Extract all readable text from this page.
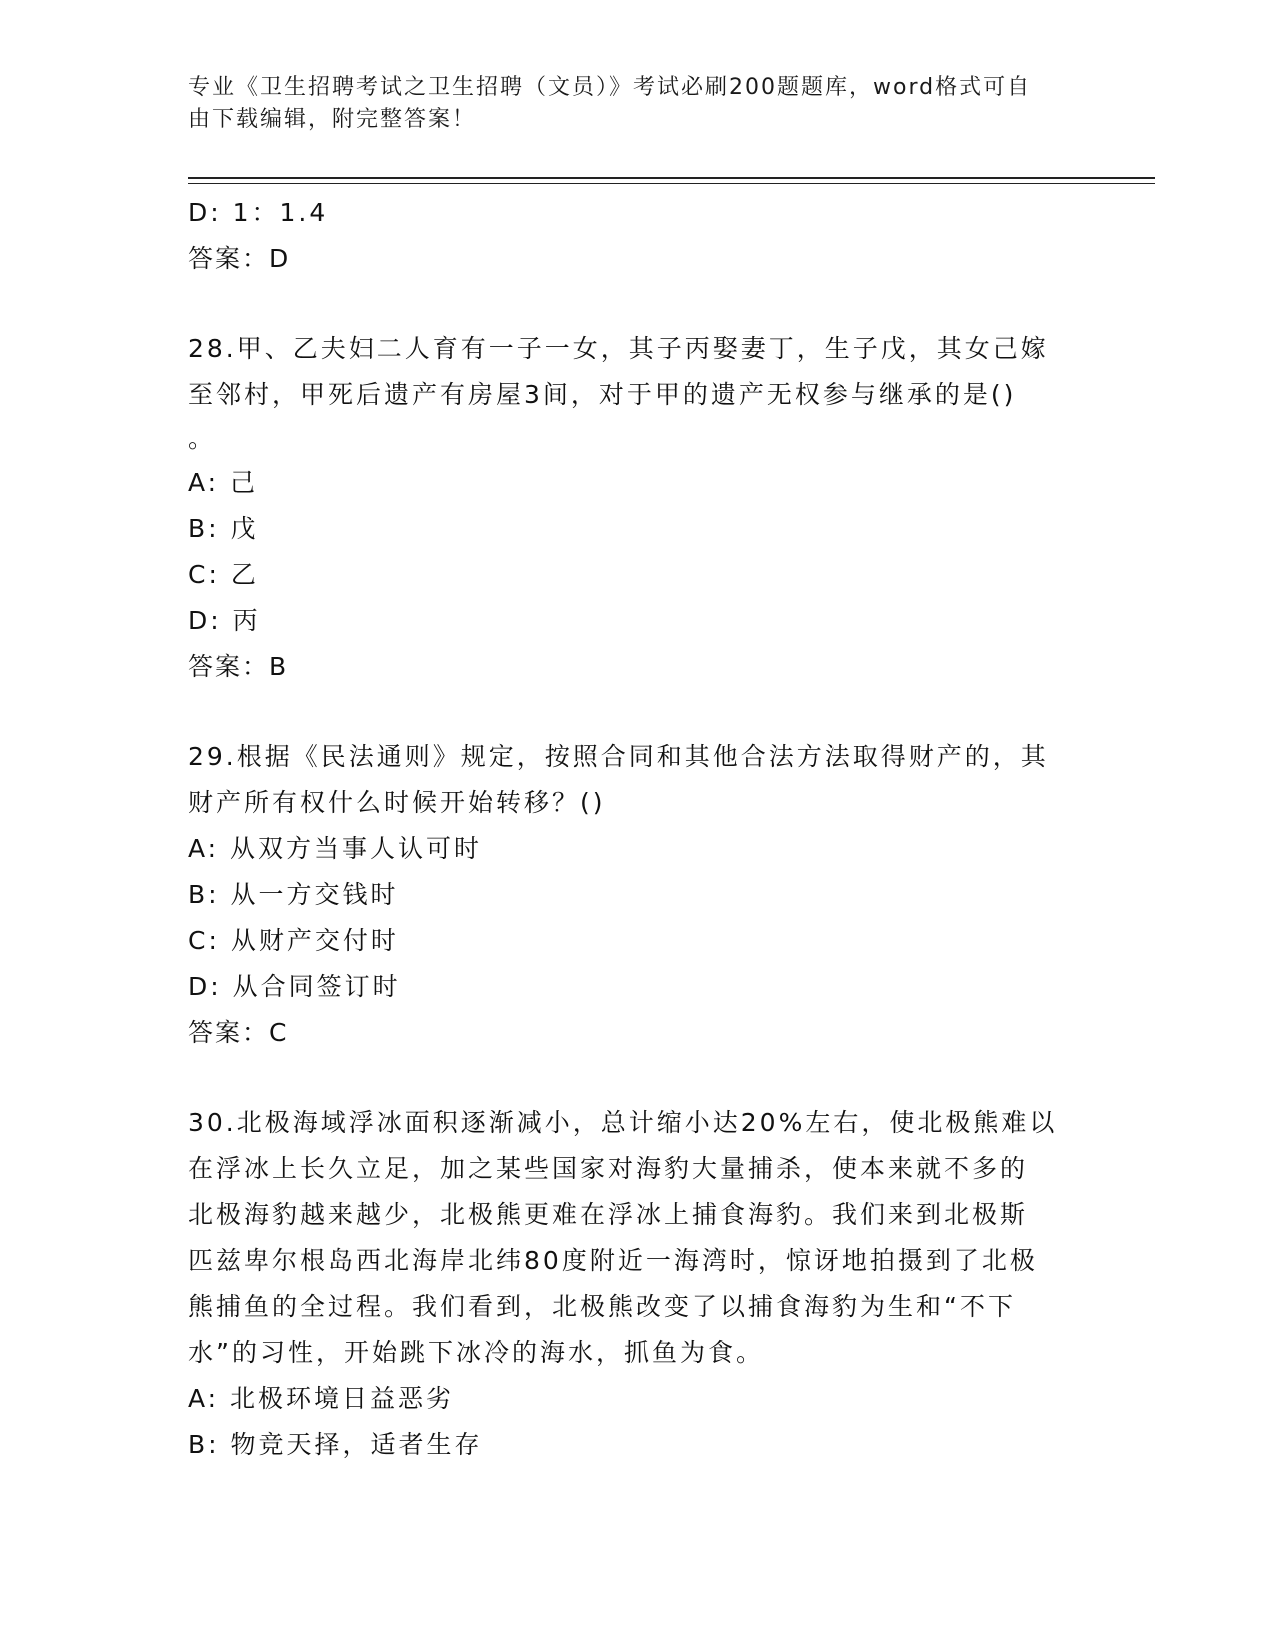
专业《卫生招聘考试之卫生招聘（文员）》考试必刷200题题库，word格式可自
由下载编辑，附完整答案！
D: 1：1.4
答案：D
28.甲、乙夫妇二人育有一子一女，其子丙娶妻丁，生子戊，其女己嫁
至邻村，甲死后遗产有房屋3间，对于甲的遗产无权参与继承的是()
。
A: 己
B: 戊
C: 乙
D: 丙
答案：B
29.根据《民法通则》规定，按照合同和其他合法方法取得财产的，其
财产所有权什么时候开始转移？()
A: 从双方当事人认可时
B: 从一方交钱时
C: 从财产交付时
D: 从合同签订时
答案：C
30.北极海域浮冰面积逐渐减小，总计缩小达20%左右，使北极熊难以
在浮冰上长久立足，加之某些国家对海豹大量捕杀，使本来就不多的
北极海豹越来越少，北极熊更难在浮冰上捕食海豹。我们来到北极斯
匹兹卑尔根岛西北海岸北纬80度附近一海湾时，惊讶地拍摄到了北极
熊捕鱼的全过程。我们看到，北极熊改变了以捕食海豹为生和“不下
水”的习性，开始跳下冰冷的海水，抓鱼为食。
A: 北极环境日益恶劣
B: 物竞天择，适者生存
